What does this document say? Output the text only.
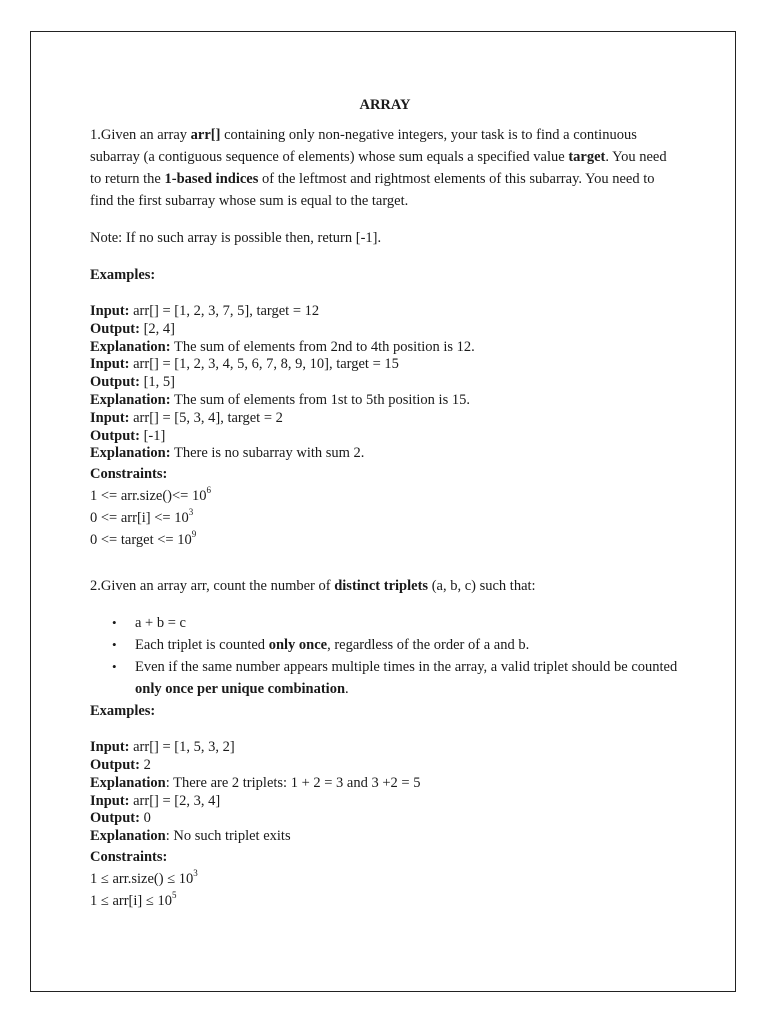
ARRAY

1.Given an array arr[] containing only non-negative integers, your task is to find a continuous subarray (a contiguous sequence of elements) whose sum equals a specified value target. You need to return the 1-based indices of the leftmost and rightmost elements of this subarray. You need to find the first subarray whose sum is equal to the target.

Note: If no such array is possible then, return [-1].

Examples:

Input: arr[] = [1, 2, 3, 7, 5], target = 12

Output: [2, 4]

Explanation: The sum of elements from 2nd to 4th position is 12.

Input: arr[] = [1, 2, 3, 4, 5, 6, 7, 8, 9, 10], target = 15

Output: [1, 5]

Explanation: The sum of elements from 1st to 5th position is 15.

Input: arr[] = [5, 3, 4], target = 2

Output: [-1]

Explanation: There is no subarray with sum 2.

Constraints:

1 <= arr.size()<= $10^6$

$0 <= arr[i] <= 10^3$

0 <= target <= $10^9$

2.Given an array arr, count the number of distinct triplets (a, b, c) such that:

• a + b = c
• Each triplet is counted only once, regardless of the order of a and b.
• Even if the same number appears multiple times in the array, a valid triplet should be counted only once per unique combination.

Examples:

Input: arr[] = [1, 5, 3, 2]

Output: 2

Explanation: There are 2 triplets: 1 + 2 = 3 and 3 +2 = 5

Input: arr[] = [2, 3, 4]

Output: 0

Explanation: No such triplet exits

Constraints:

1 ≤ arr.size() ≤ $10^3$

$1 \le arr[i] \le 10^5$
